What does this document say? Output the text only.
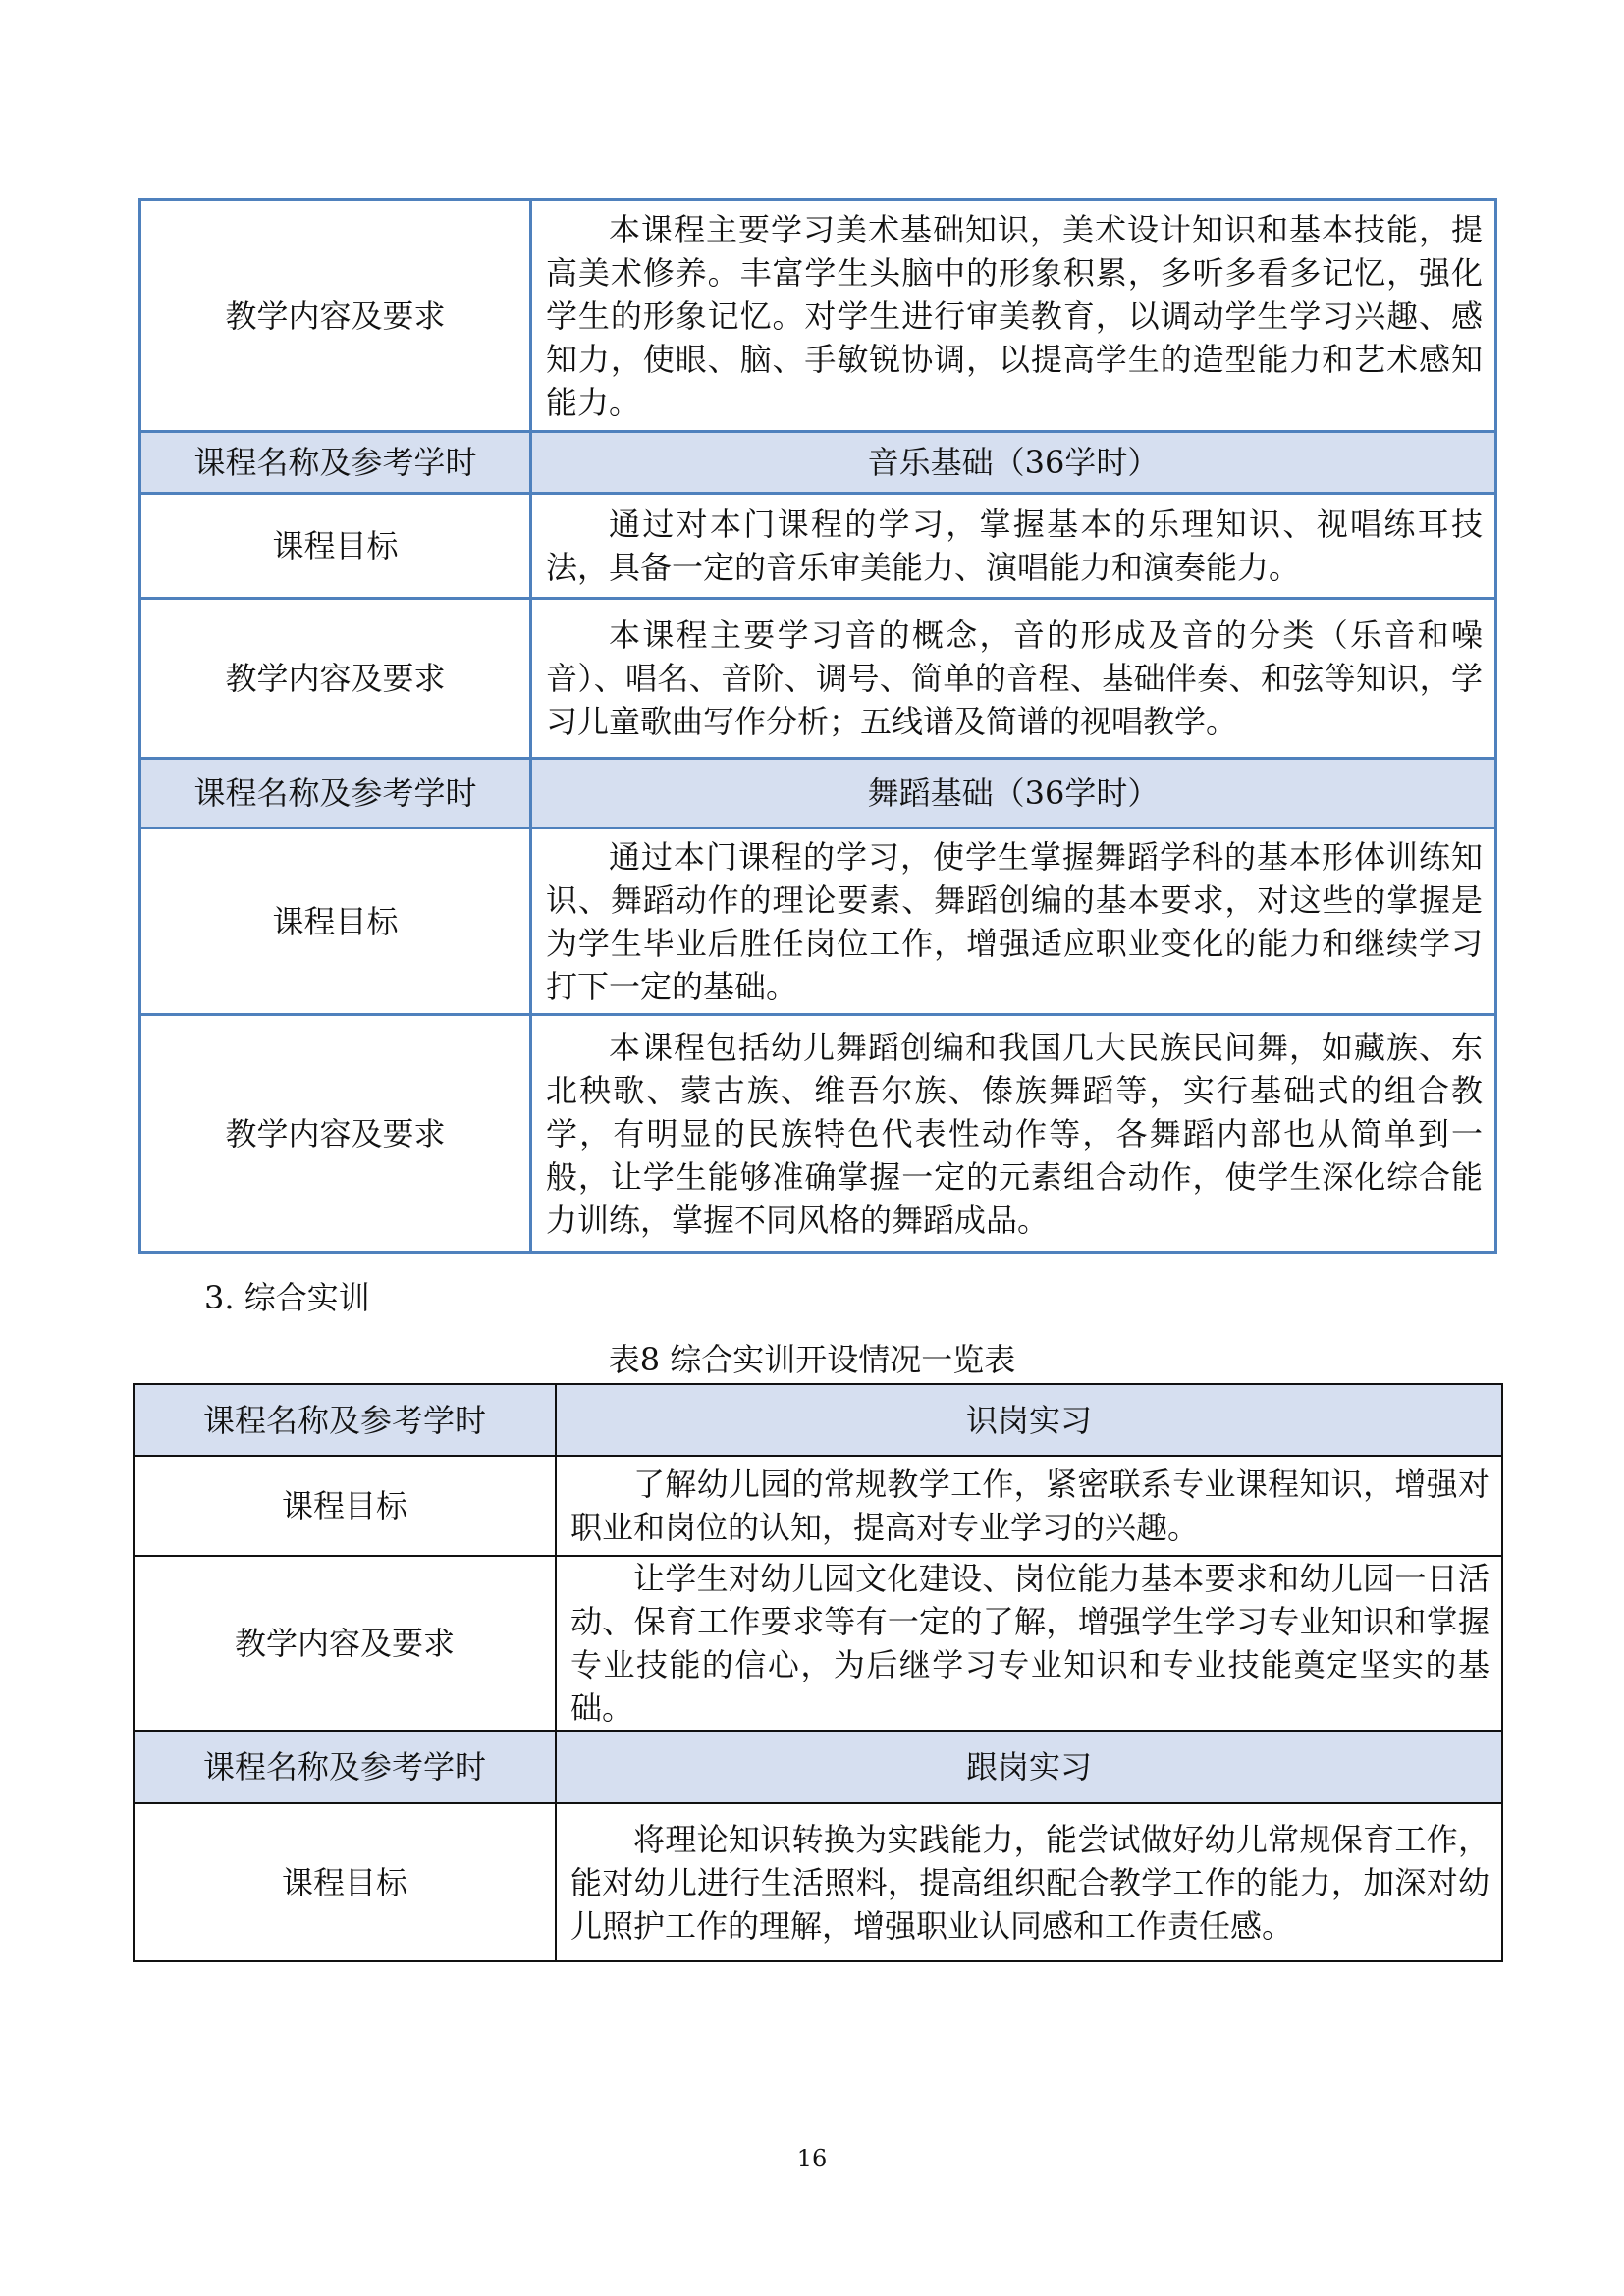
教学内容及要求	本课程主要学习美术基础知识，美术设计知识和基本技能，提高美术修养。丰富学生头脑中的形象积累，多听多看多记忆，强化学生的形象记忆。对学生进行审美教育，以调动学生学习兴趣、感知力，使眼、脑、手敏锐协调，以提高学生的造型能力和艺术感知能力。
课程名称及参考学时	音乐基础（36学时）
课程目标	通过对本门课程的学习，掌握基本的乐理知识、视唱练耳技法，具备一定的音乐审美能力、演唱能力和演奏能力。
教学内容及要求	本课程主要学习音的概念，音的形成及音的分类（乐音和噪音）、唱名、音阶、调号、简单的音程、基础伴奏、和弦等知识，学习儿童歌曲写作分析；五线谱及简谱的视唱教学。
课程名称及参考学时	舞蹈基础（36学时）
课程目标	通过本门课程的学习，使学生掌握舞蹈学科的基本形体训练知识、舞蹈动作的理论要素、舞蹈创编的基本要求，对这些的掌握是为学生毕业后胜任岗位工作，增强适应职业变化的能力和继续学习打下一定的基础。
教学内容及要求	本课程包括幼儿舞蹈创编和我国几大民族民间舞，如藏族、东北秧歌、蒙古族、维吾尔族、傣族舞蹈等，实行基础式的组合教学，有明显的民族特色代表性动作等，各舞蹈内部也从简单到一般，让学生能够准确掌握一定的元素组合动作，使学生深化综合能力训练，掌握不同风格的舞蹈成品。
3. 综合实训
表8 综合实训开设情况一览表
课程名称及参考学时	识岗实习
课程目标	了解幼儿园的常规教学工作，紧密联系专业课程知识，增强对职业和岗位的认知，提高对专业学习的兴趣。
教学内容及要求	让学生对幼儿园文化建设、岗位能力基本要求和幼儿园一日活动、保育工作要求等有一定的了解，增强学生学习专业知识和掌握专业技能的信心，为后继学习专业知识和专业技能奠定坚实的基础。
课程名称及参考学时	跟岗实习
课程目标	将理论知识转换为实践能力，能尝试做好幼儿常规保育工作，能对幼儿进行生活照料，提高组织配合教学工作的能力，加深对幼儿照护工作的理解，增强职业认同感和工作责任感。
16
